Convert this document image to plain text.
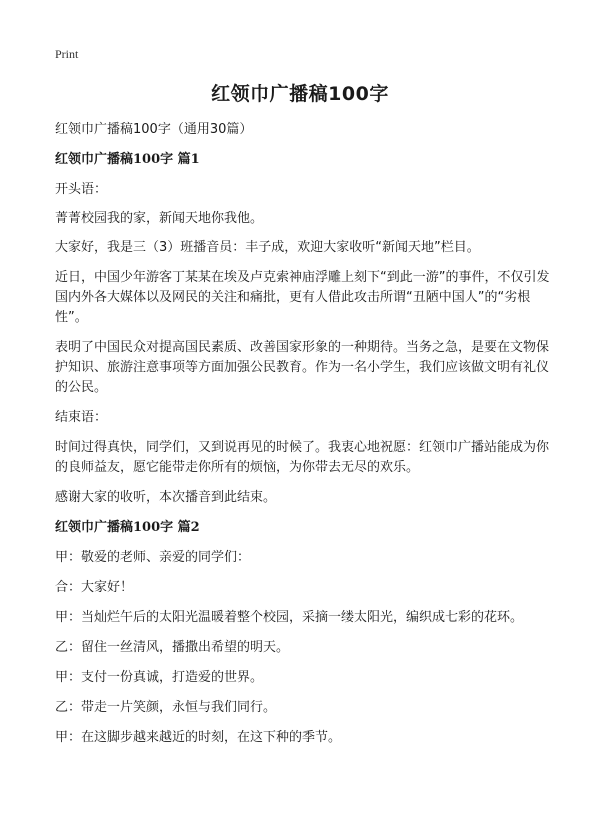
Print
红领巾广播稿100字

红领巾广播稿100字（通用30篇）

红领巾广播稿100字 篇1

开头语：

菁菁校园我的家，新闻天地你我他。

大家好，我是三（3）班播音员：丰子成，欢迎大家收听“新闻天地”栏目。

近日，中国少年游客丁某某在埃及卢克索神庙浮雕上刻下“到此一游”的事件，不仅引发国内外各大媒体以及网民的关注和痛批，更有人借此攻击所谓“丑陋中国人”的“劣根性”。

表明了中国民众对提高国民素质、改善国家形象的一种期待。当务之急，是要在文物保护知识、旅游注意事项等方面加强公民教育。作为一名小学生，我们应该做文明有礼仪的公民。

结束语：

时间过得真快，同学们，又到说再见的时候了。我衷心地祝愿：红领巾广播站能成为你的良师益友，愿它能带走你所有的烦恼，为你带去无尽的欢乐。

感谢大家的收听，本次播音到此结束。

红领巾广播稿100字 篇2

甲：敬爱的老师、亲爱的同学们：

合：大家好！

甲：当灿烂午后的太阳光温暖着整个校园，采摘一缕太阳光，编织成七彩的花环。

乙：留住一丝清风，播撒出希望的明天。

甲：支付一份真诚，打造爱的世界。

乙：带走一片笑颜，永恒与我们同行。

甲：在这脚步越来越近的时刻，在这下种的季节。
